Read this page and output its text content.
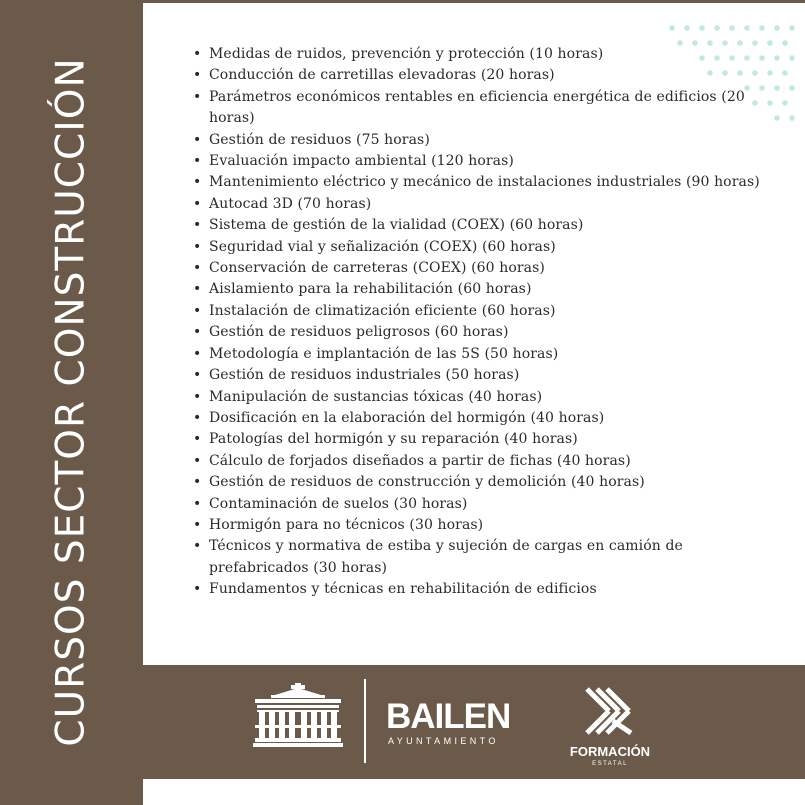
CURSOS SECTOR CONSTRUCCIÓN
• Medidas de ruidos, prevención y protección (10 horas)
• Conducción de carretillas elevadoras (20 horas)
• Parámetros económicos rentables en eficiencia energética de edificios (20 horas)
• Gestión de residuos (75 horas)
• Evaluación impacto ambiental (120 horas)
• Mantenimiento eléctrico y mecánico de instalaciones industriales (90 horas)
• Autocad 3D (70 horas)
• Sistema de gestión de la vialidad (COEX) (60 horas)
• Seguridad vial y señalización (COEX) (60 horas)
• Conservación de carreteras (COEX) (60 horas)
• Aislamiento para la rehabilitación (60 horas)
• Instalación de climatización eficiente (60 horas)
• Gestión de residuos peligrosos (60 horas)
• Metodología e implantación de las 5S (50 horas)
• Gestión de residuos industriales (50 horas)
• Manipulación de sustancias tóxicas (40 horas)
• Dosificación en la elaboración del hormigón (40 horas)
• Patologías del hormigón y su reparación (40 horas)
• Cálculo de forjados diseñados a partir de fichas (40 horas)
• Gestión de residuos de construcción y demolición (40 horas)
• Contaminación de suelos (30 horas)
• Hormigón para no técnicos (30 horas)
• Técnicos y normativa de estiba y sujeción de cargas en camión de prefabricados (30 horas)
• Fundamentos y técnicas en rehabilitación de edificios
BAILEN
AYUNTAMIENTO
FORMACIÓN
ESTATAL
